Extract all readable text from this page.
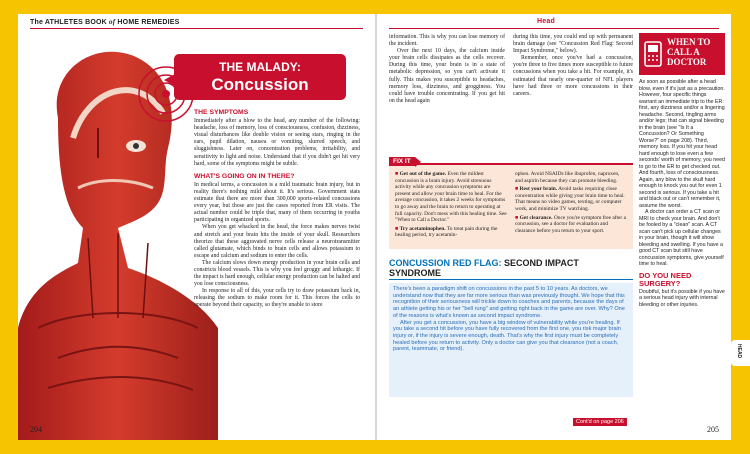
The ATHLETES BOOK of HOME REMEDIES
THE MALADY:
Concussion
THE SYMPTOMS

Immediately after a blow to the head, any number of the following: headache, loss of memory, loss of consciousness, confusion, dizziness, visual disturbances like double vision or seeing stars, ringing in the ears, pupil dilation, nausea or vomiting, slurred speech, and sluggishness. Later on, concentration problems, irritability, and sensitivity to light and noise. Understand that if you didn't get hit very hard, some of the symptoms might be subtle.

WHAT'S GOING ON IN THERE?

In medical terms, a concussion is a mild traumatic brain injury, but in reality there's nothing mild about it. It's serious. Government stats estimate that there are more than 300,000 sports-related concussions every year, but those are just the cases reported from ER visits. The actual number could be triple that, many of them occurring in youths participating in organized sports.

When you get whacked in the head, the force makes nerves twist and stretch and your brain hits the inside of your skull. Researchers theorize that these aggravated nerve cells release a neurotransmitter called glutamate, which binds to brain cells and allows potassium to escape and calcium and sodium to enter the cells.

The calcium slows down energy production in your brain cells and constricts blood vessels. This is why you feel groggy and lethargic. If the impact is hard enough, cellular energy production can be halted and you lose consciousness.

In response to all of this, your cells try to draw potassium back in, releasing the sodium to make room for it. This forces the cells to operate beyond their capacity, so they're unable to store

204
Head

information. This is why you can lose memory of the incident.

Over the next 10 days, the calcium inside your brain cells dissipates as the cells recover. During this time, your brain is in a state of metabolic depression, so you can't activate it fully. This makes you susceptible to headaches, memory loss, dizziness, and grogginess. You could have trouble concentrating. If you get hit on the head again

during this time, you could end up with permanent brain damage (see "Concussion Red Flag: Second Impact Syndrome," below).

Remember, once you've had a concussion, you're three to five times more susceptible to future concussions when you take a hit. For example, it's estimated that nearly one-quarter of NFL players have had three or more concussions in their careers.

FIX IT
■ Get out of the game. Even the mildest concussion is a brain injury. Avoid strenuous activity while any concussion symptoms are present and allow your brain time to heal. For the average concussion, it takes 2 weeks for symptoms to go away and the brain to return to operating at full capacity. Don't mess with this healing time. See "When to Call a Doctor."
■ Try acetaminophen. To treat pain during the healing period, try acetamin-
ophen. Avoid NSAIDs like ibuprofen, naproxen, and aspirin because they can promote bleeding.
■ Rest your brain. Avoid tasks requiring close concentration while giving your brain time to heal. That means no video games, texting, or computer work, and minimize TV watching.
■ Get clearance. Once you're symptom free after a concussion, see a doctor for evaluation and clearance before you return to your sport.
CONCUSSION RED FLAG: SECOND IMPACT SYNDROME

There's been a paradigm shift on concussions in the past 5 to 10 years. As doctors, we understand now that they are far more serious than was previously thought. We hope that this recognition of their seriousness will trickle down to coaches and parents, because the days of an athlete getting his or her "bell rung" and getting right back in the game are over. Why? One of the reasons is what's known as second impact syndrome.

After you get a concussion, you have a big window of vulnerability while you're healing. If you take a second hit before you have fully recovered from the first one, you risk major brain injury or, if the injury is severe enough, death. That's why the first injury must be completely healed before you return to activity. Only a doctor can give you that clearance (not a coach, parent, teammate, or friend).

Cont'd on page 206
WHEN TO
CALL A
DOCTOR

As soon as possible after a head blow, even if it's just as a precaution. However, four specific things warrant an immediate trip to the ER: first, any dizziness and/or a lingering headache. Second, tingling arms and/or legs; that can signal bleeding in the brain (see "Is It a Concussion? Or Something Worse?" on page 208). Third, memory loss. If you hit your head hard enough to lose even a few seconds' worth of memory, you need to go to the ER to get checked out. And fourth, loss of consciousness. Again, any blow to the skull hard enough to knock you out for even 1 second is serious. If you take a hit and black out or can't remember it, assume the worst.

A doctor can order a CT scan or MRI to check your brain. And don't be fooled by a "clean" scan. A CT scan can't pick up cellular changes in your brain, though it will show bleeding and swelling. If you have a good CT scan but still have concussion symptoms, give yourself time to heal.

DO YOU NEED SURGERY?
Doubtful, but it's possible if you have a serious head injury with internal bleeding or other injuries.
205
HEAD
